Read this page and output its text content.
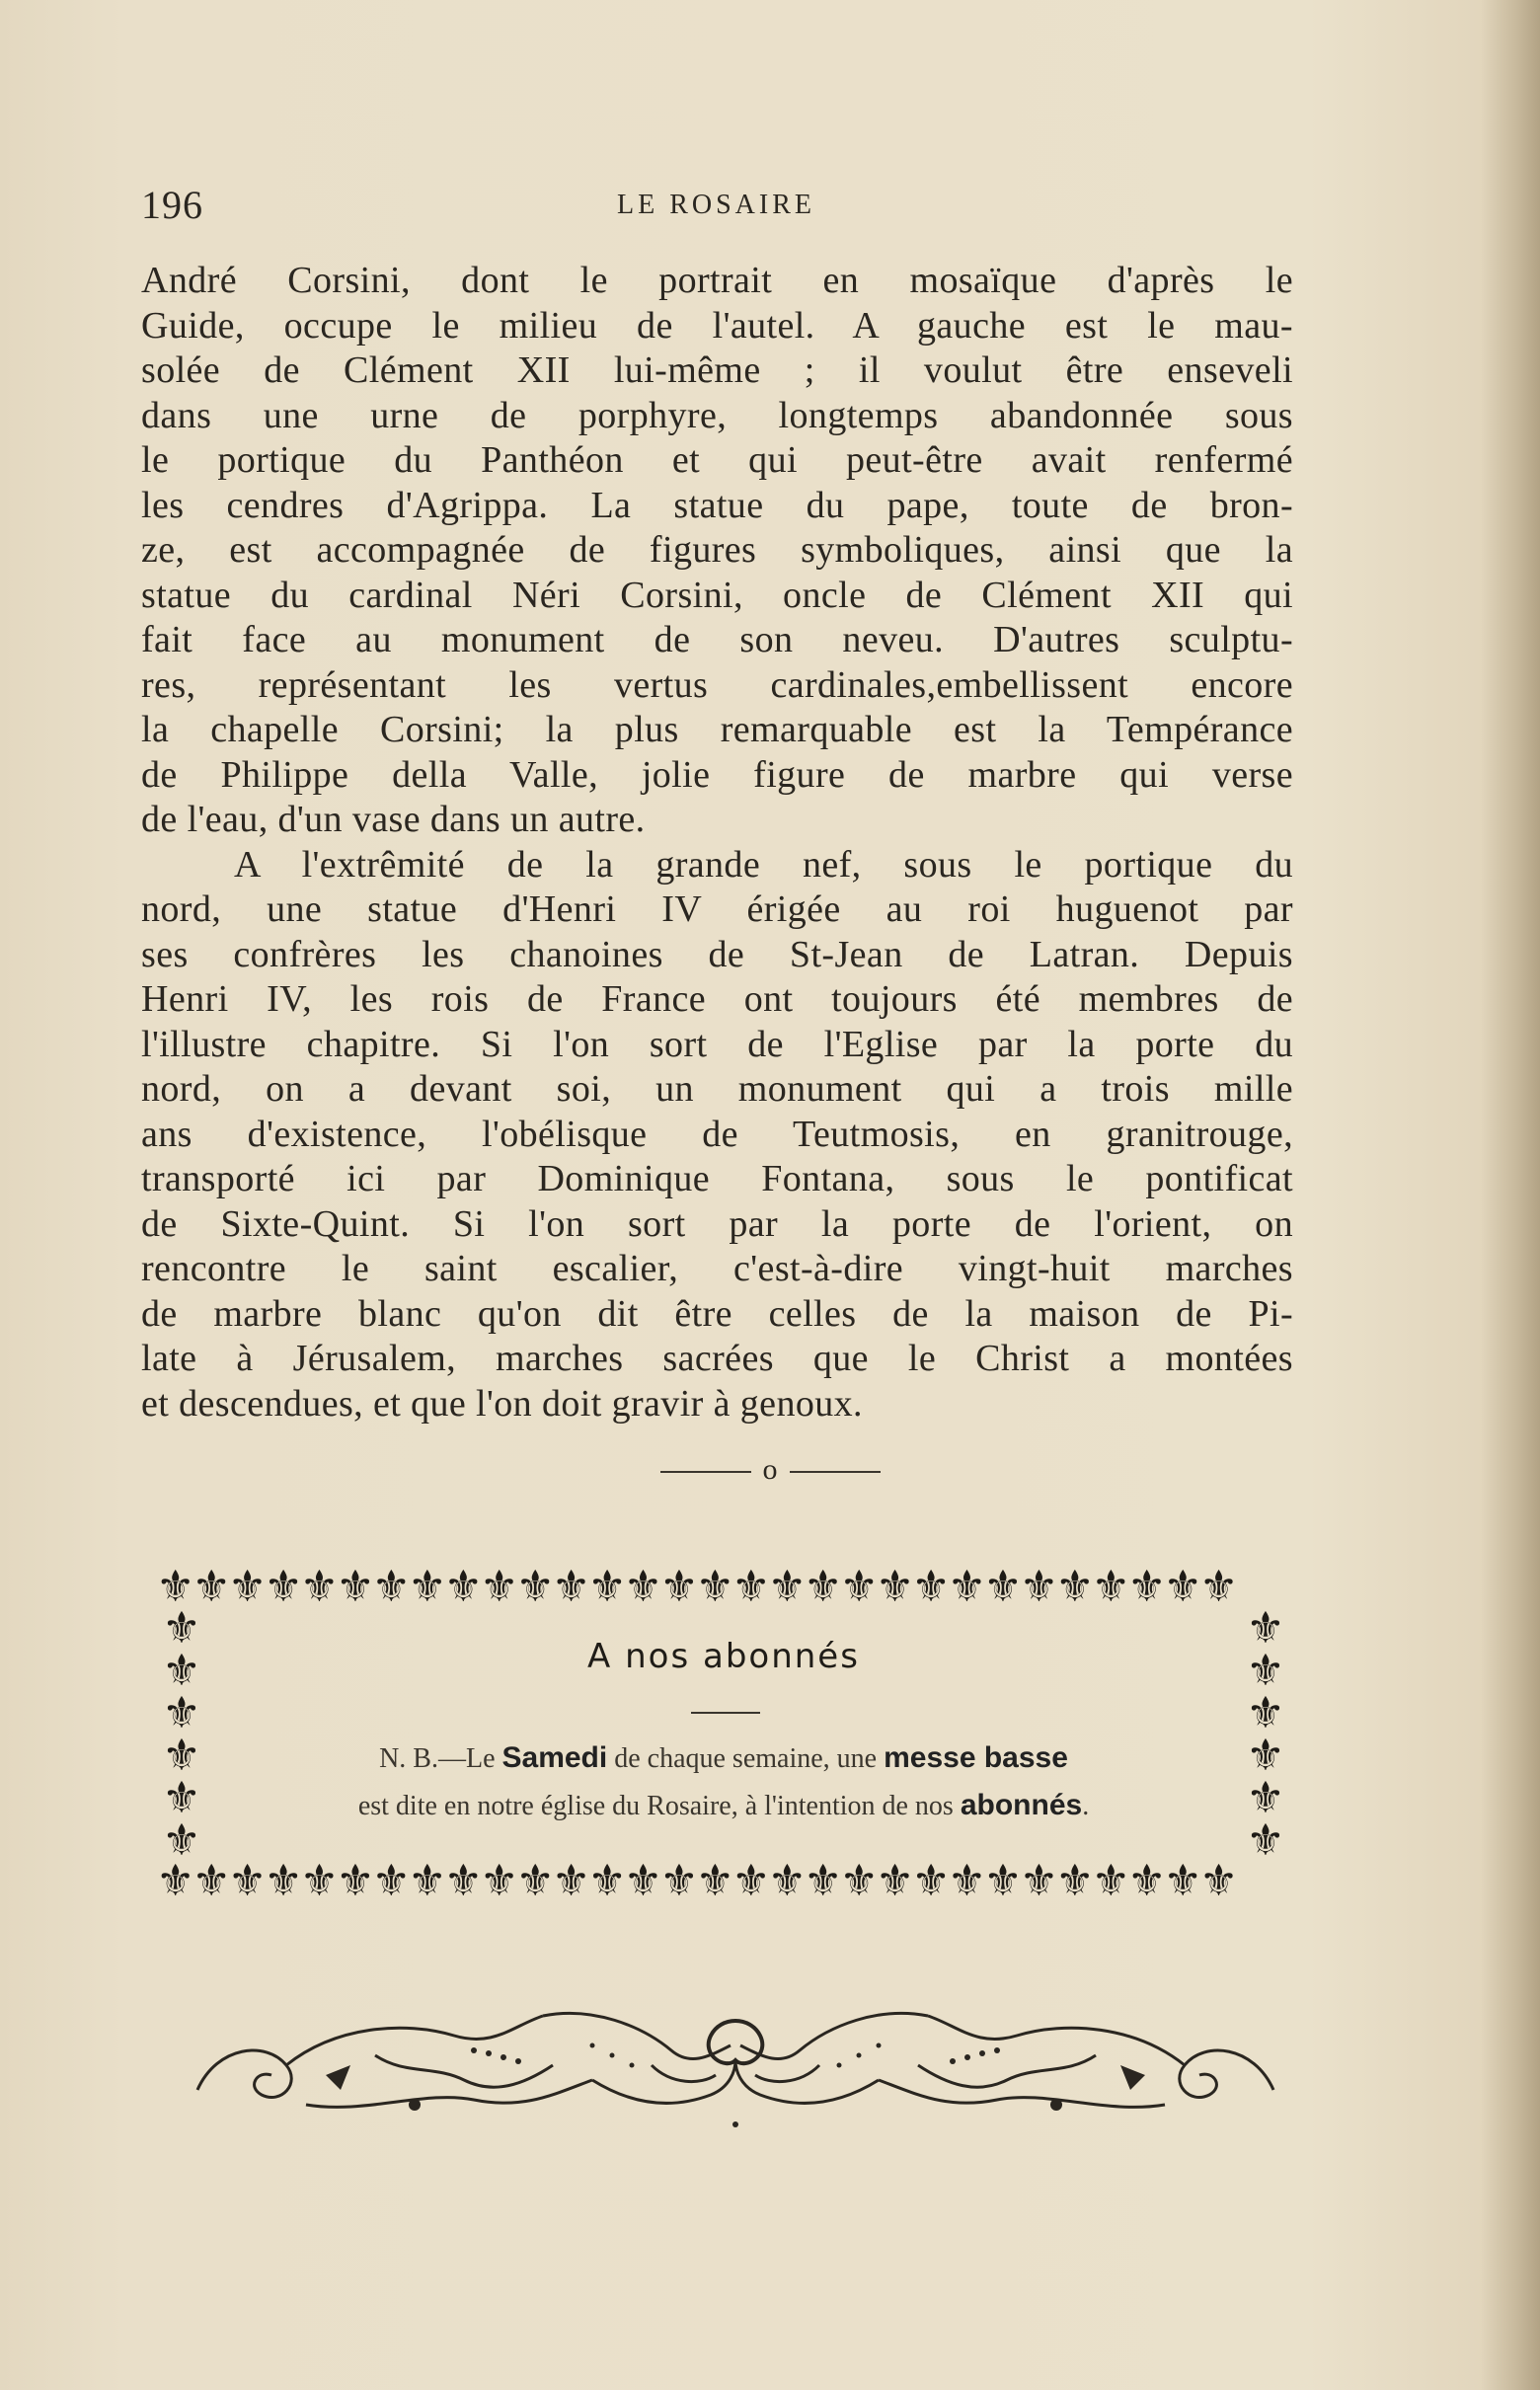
196	LE ROSAIRE
André Corsini, dont le portrait en mosaïque d'après le
Guide, occupe le milieu de l'autel. A gauche est le mau-
solée de Clément XII lui-même ; il voulut être enseveli
dans une urne de porphyre, longtemps abandonnée sous
le portique du Panthéon et qui peut-être avait renfermé
les cendres d'Agrippa. La statue du pape, toute de bron-
ze, est accompagnée de figures symboliques, ainsi que la
statue du cardinal Néri Corsini, oncle de Clément XII qui
fait face au monument de son neveu. D'autres sculptu-
res, représentant les vertus cardinales,embellissent encore
la chapelle Corsini; la plus remarquable est la Tempérance
de Philippe della Valle, jolie figure de marbre qui verse
de l'eau, d'un vase dans un autre.
A l'extrêmité de la grande nef, sous le portique du
nord, une statue d'Henri IV érigée au roi huguenot par
ses confrères les chanoines de St-Jean de Latran. Depuis
Henri IV, les rois de France ont toujours été membres de
l'illustre chapitre. Si l'on sort de l'Eglise par la porte du
nord, on a devant soi, un monument qui a trois mille
ans d'existence, l'obélisque de Teutmosis, en granitrouge,
transporté ici par Dominique Fontana, sous le pontificat
de Sixte-Quint. Si l'on sort par la porte de l'orient, on
rencontre le saint escalier, c'est-à-dire vingt-huit marches
de marbre blanc qu'on dit être celles de la maison de Pi-
late à Jérusalem, marches sacrées que le Christ a montées
et descendues, et que l'on doit gravir à genoux.
o
⚜⚜⚜⚜⚜⚜⚜⚜⚜⚜⚜⚜⚜⚜⚜⚜⚜⚜⚜⚜⚜⚜⚜⚜⚜⚜⚜⚜⚜⚜
⚜⚜⚜⚜⚜⚜⚜⚜⚜⚜⚜⚜⚜⚜⚜⚜⚜⚜⚜⚜⚜⚜⚜⚜⚜⚜⚜⚜⚜⚜
⚜
⚜
⚜
⚜
⚜
⚜
⚜
⚜
⚜
⚜
⚜
⚜
A nos abonnés
N. B.—Le Samedi de chaque semaine, une messe basse
est dite en notre église du Rosaire, à l'intention de nos abonnés.
